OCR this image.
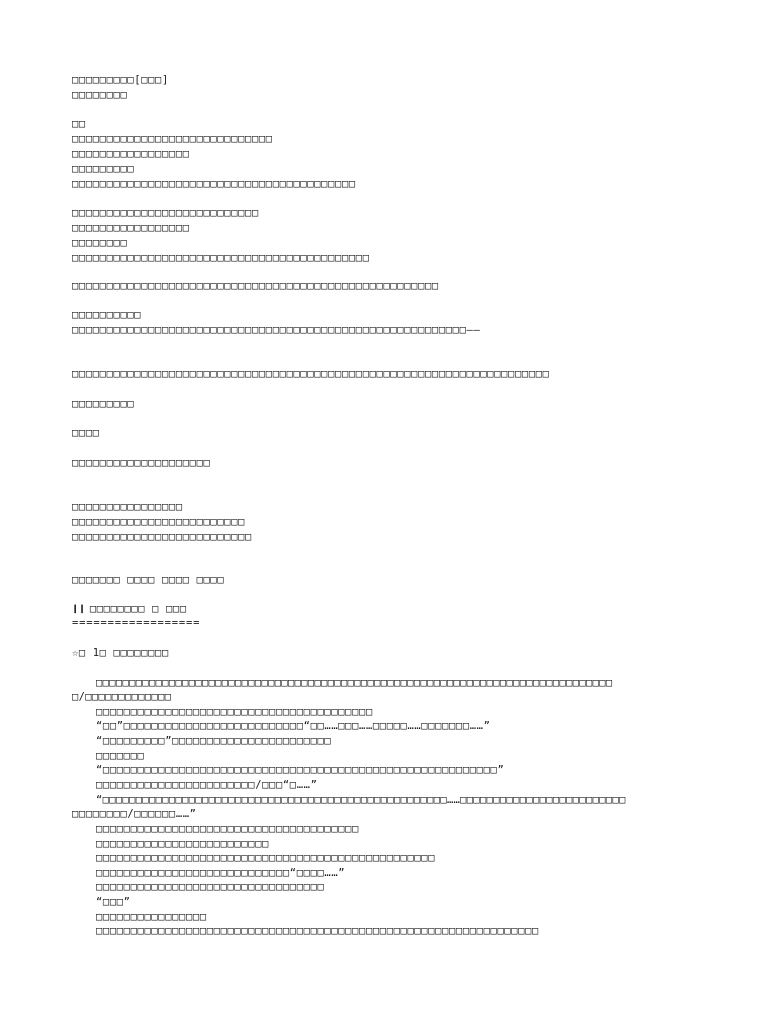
□□□□□□□□□[□□□]

□□□□□□□□

□□

□□□□□□□□□□□□□□□□□□□□□□□□□□□□□

□□□□□□□□□□□□□□□□□

□□□□□□□□□

□□□□□□□□□□□□□□□□□□□□□□□□□□□□□□□□□□□□□□□□□

□□□□□□□□□□□□□□□□□□□□□□□□□□□

□□□□□□□□□□□□□□□□□

□□□□□□□□

□□□□□□□□□□□□□□□□□□□□□□□□□□□□□□□□□□□□□□□□□□□

□□□□□□□□□□□□□□□□□□□□□□□□□□□□□□□□□□□□□□□□□□□□□□□□□□□□□

□□□□□□□□□□

□□□□□□□□□□□□□□□□□□□□□□□□□□□□□□□□□□□□□□□□□□□□□□□□□□□□□□□□□——

□□□□□□□□□□□□□□□□□□□□□□□□□□□□□□□□□□□□□□□□□□□□□□□□□□□□□□□□□□□□□□□□□□□□□

□□□□□□□□□

□□□□

□□□□□□□□□□□□□□□□□□□□

□□□□□□□□□□□□□□□□

□□□□□□□□□□□□□□□□□□□□□□□□□

□□□□□□□□□□□□□□□□□□□□□□□□□□

□□□□□□□ □□□□ □□□□ □□□□

❙❙ □□□□□□□□ □ □□□

==================

☆□ 1□ □□□□□□□□

□□□□□□□□□□□□□□□□□□□□□□□□□□□□□□□□□□□□□□□□□□□□□□□□□□□□□□□□□□□□□□□□□□□□□□□□□□□□□□

□/□□□□□□□□□□□□□

□□□□□□□□□□□□□□□□□□□□□□□□□□□□□□□□□□□□□□□□

“□□”□□□□□□□□□□□□□□□□□□□□□□□□□□“□□……□□□……□□□□□……□□□□□□□……”

“□□□□□□□□□”□□□□□□□□□□□□□□□□□□□□□□□

□□□□□□□

“□□□□□□□□□□□□□□□□□□□□□□□□□□□□□□□□□□□□□□□□□□□□□□□□□□□□□□□□□”

□□□□□□□□□□□□□□□□□□□□□□□/□□□“□……”

“□□□□□□□□□□□□□□□□□□□□□□□□□□□□□□□□□□□□□□□□□□□□□□□□□□□□……□□□□□□□□□□□□□□□□□□□□□□□□□

□□□□□□□□/□□□□□□……”

□□□□□□□□□□□□□□□□□□□□□□□□□□□□□□□□□□□□□□

□□□□□□□□□□□□□□□□□□□□□□□□□

□□□□□□□□□□□□□□□□□□□□□□□□□□□□□□□□□□□□□□□□□□□□□□□□□

□□□□□□□□□□□□□□□□□□□□□□□□□□□□“□□□□……”

□□□□□□□□□□□□□□□□□□□□□□□□□□□□□□□□□

“□□□”

□□□□□□□□□□□□□□□□

□□□□□□□□□□□□□□□□□□□□□□□□□□□□□□□□□□□□□□□□□□□□□□□□□□□□□□□□□□□□□□□□
